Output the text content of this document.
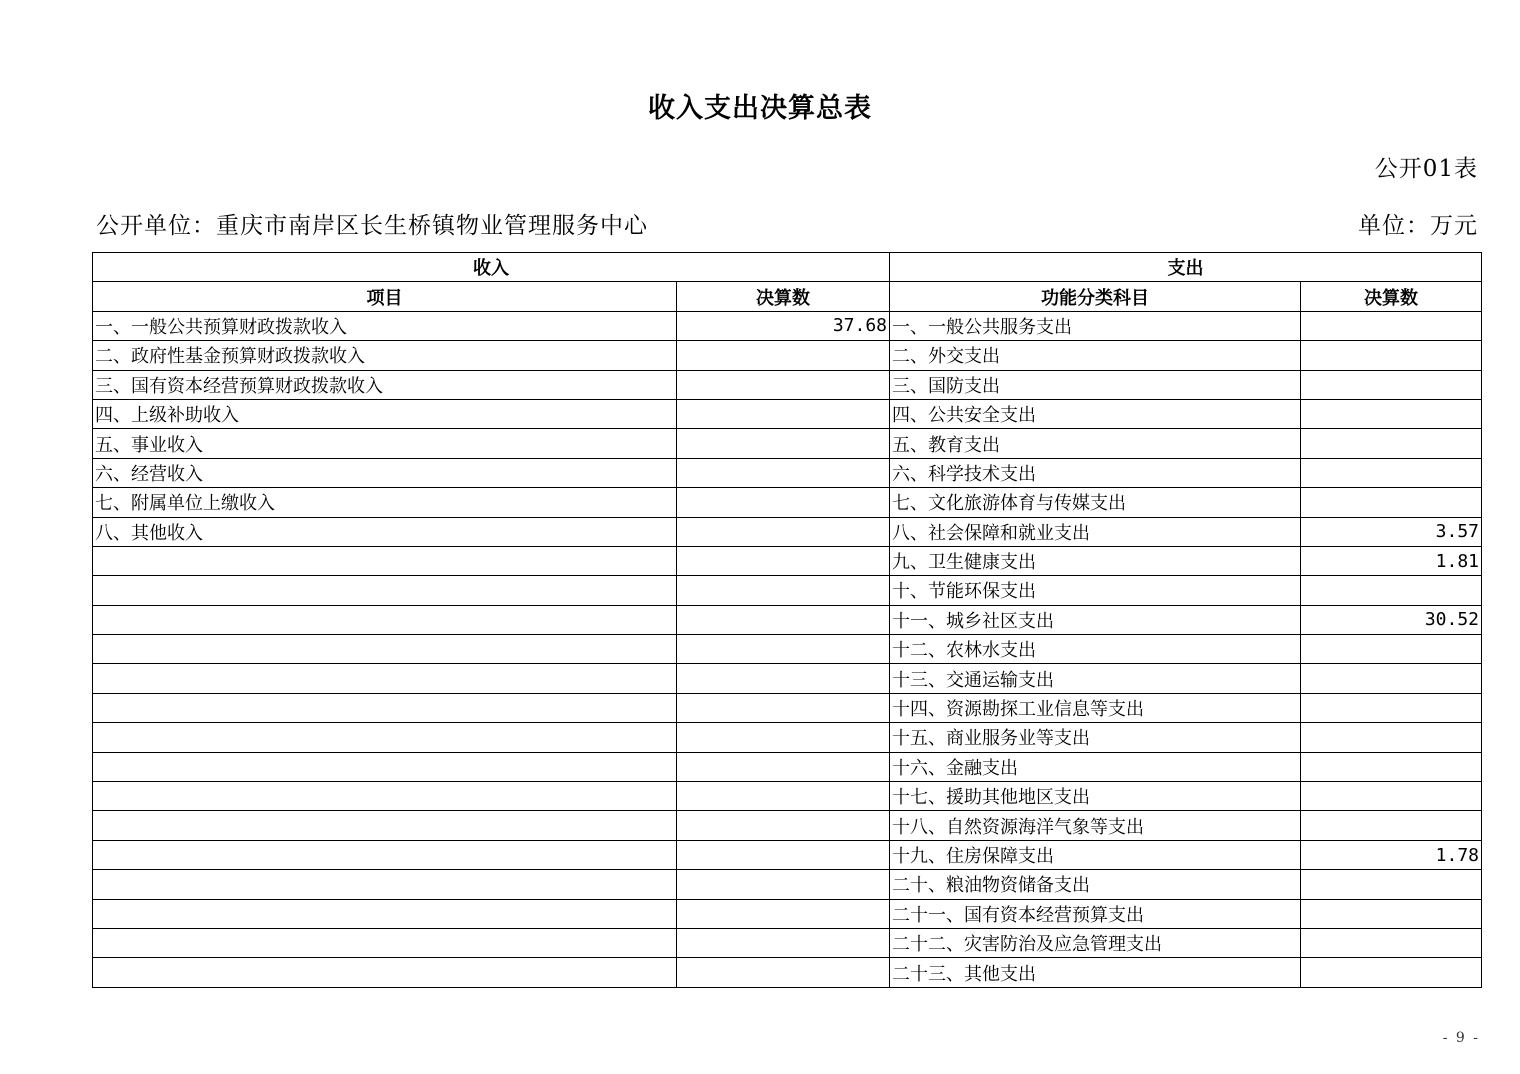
收入支出决算总表
公开01表
公开单位：重庆市南岸区长生桥镇物业管理服务中心	单位：万元
收入		支出	
项目	决算数	功能分类科目	决算数
一、一般公共预算财政拨款收入	37.68	一、一般公共服务支出	
二、政府性基金预算财政拨款收入		二、外交支出	
三、国有资本经营预算财政拨款收入		三、国防支出	
四、上级补助收入		四、公共安全支出	
五、事业收入		五、教育支出	
六、经营收入		六、科学技术支出	
七、附属单位上缴收入		七、文化旅游体育与传媒支出	
八、其他收入		八、社会保障和就业支出	3.57
		九、卫生健康支出	1.81
		十、节能环保支出	
		十一、城乡社区支出	30.52
		十二、农林水支出	
		十三、交通运输支出	
		十四、资源勘探工业信息等支出	
		十五、商业服务业等支出	
		十六、金融支出	
		十七、援助其他地区支出	
		十八、自然资源海洋气象等支出	
		十九、住房保障支出	1.78
		二十、粮油物资储备支出	
		二十一、国有资本经营预算支出	
		二十二、灾害防治及应急管理支出	
		二十三、其他支出	
- 9 -
